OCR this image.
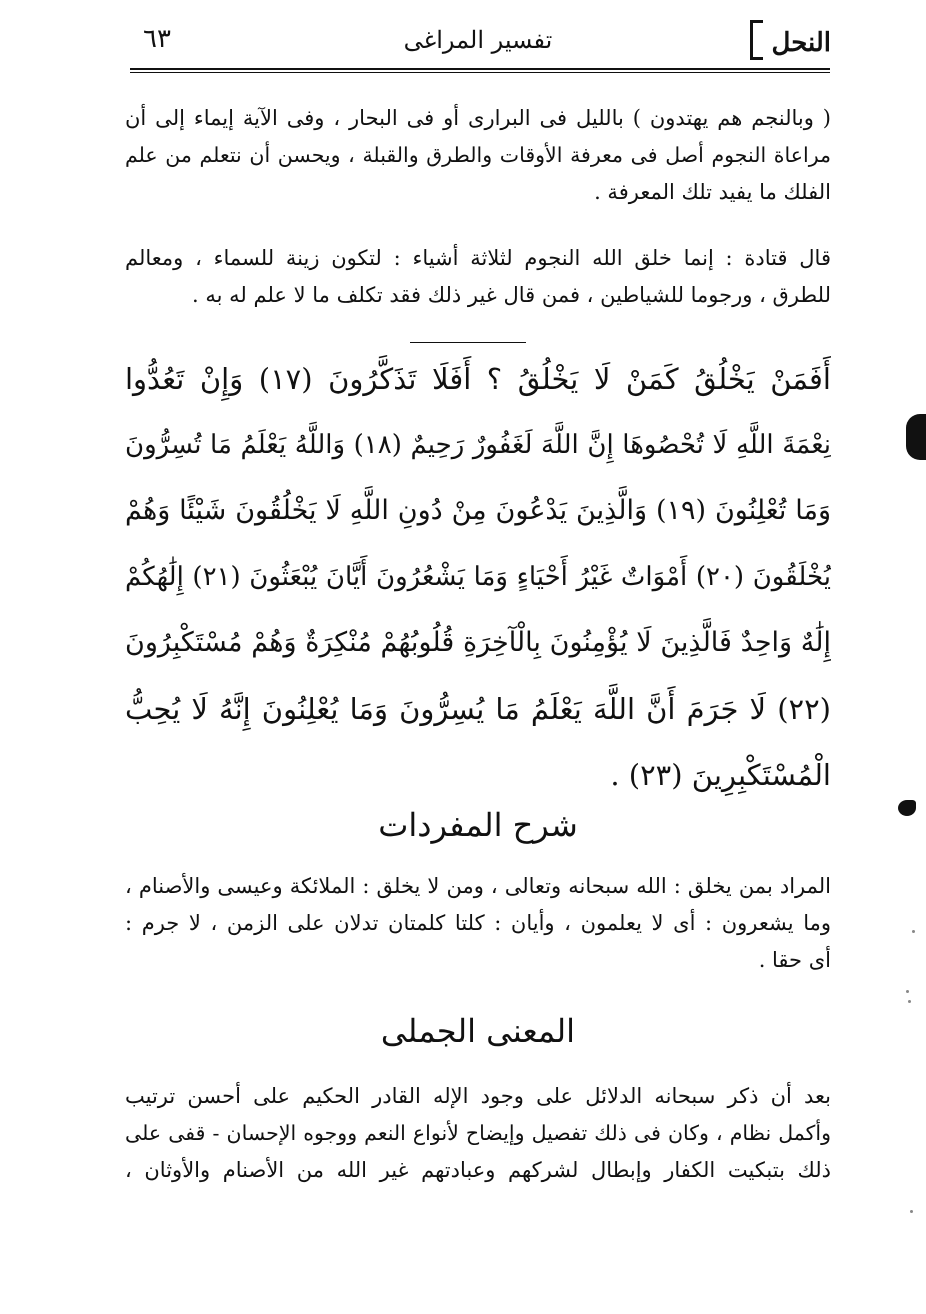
النحل
تفسير المراغى
٦٣
( وبالنجم هم يهتدون ) بالليل فى البرارى أو فى البحار ، وفى الآية إيماء إلى أن
مراعاة النجوم أصل فى معرفة الأوقات والطرق والقبلة ، ويحسن أن نتعلم من علم
الفلك ما يفيد تلك المعرفة .
قال قتادة : إنما خلق الله النجوم لثلاثة أشياء : لتكون زينة للسماء ، ومعالم
للطرق ، ورجوما للشياطين ، فمن قال غير ذلك فقد تكلف ما لا علم له به .
أَفَمَنْ يَخْلُقُ كَمَنْ لَا يَخْلُقُ ؟ أَفَلَا تَذَكَّرُونَ (١٧) وَإِنْ تَعُدُّوا
نِعْمَةَ اللَّهِ لَا تُحْصُوهَا إِنَّ اللَّهَ لَغَفُورٌ رَحِيمٌ (١٨) وَاللَّهُ يَعْلَمُ مَا تُسِرُّونَ
وَمَا تُعْلِنُونَ (١٩) وَالَّذِينَ يَدْعُونَ مِنْ دُونِ اللَّهِ لَا يَخْلُقُونَ شَيْئًا وَهُمْ
يُخْلَقُونَ (٢٠) أَمْوَاتٌ غَيْرُ أَحْيَاءٍ وَمَا يَشْعُرُونَ أَيَّانَ يُبْعَثُونَ (٢١) إِلَٰهُكُمْ
إِلَٰهٌ وَاحِدٌ فَالَّذِينَ لَا يُؤْمِنُونَ بِالْآخِرَةِ قُلُوبُهُمْ مُنْكِرَةٌ وَهُمْ مُسْتَكْبِرُونَ
(٢٢) لَا جَرَمَ أَنَّ اللَّهَ يَعْلَمُ مَا يُسِرُّونَ وَمَا يُعْلِنُونَ إِنَّهُ لَا يُحِبُّ
الْمُسْتَكْبِرِينَ (٢٣) .
شرح المفردات
المراد بمن يخلق : الله سبحانه وتعالى ، ومن لا يخلق : الملائكة وعيسى والأصنام ،
وما يشعرون : أى لا يعلمون ، وأيان : كلتا كلمتان تدلان على الزمن ، لا جرم :
أى حقا .
المعنى الجملى
بعد أن ذكر سبحانه الدلائل على وجود الإله القادر الحكيم على أحسن ترتيب
وأكمل نظام ، وكان فى ذلك تفصيل وإيضاح لأنواع النعم ووجوه الإحسان - قفى على
ذلك بتبكيت الكفار وإبطال لشركهم وعبادتهم غير الله من الأصنام والأوثان ،
